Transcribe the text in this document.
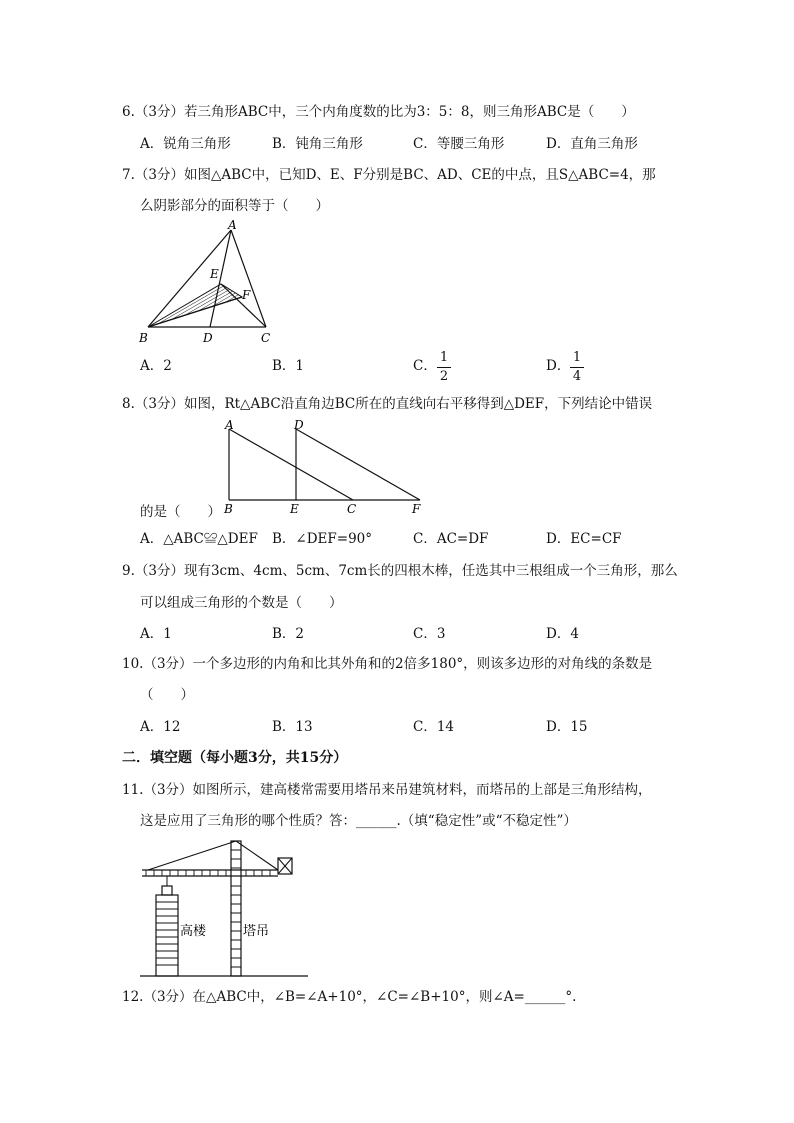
6.（3分）若三角形ABC中，三个内角度数的比为3：5：8，则三角形ABC是（　　）
A．锐角三角形	B．钝角三角形	C．等腰三角形	D．直角三角形
7.（3分）如图△ABC中，已知D、E、F分别是BC、AD、CE的中点，且S△ABC=4，那
么阴影部分的面积等于（　　）
A
E
F
B	D	C
A．2	B．1	C．
1
2
D．
1
4
8.（3分）如图，Rt△ABC沿直角边BC所在的直线向右平移得到△DEF，下列结论中错误
A	D
B	E	C	F
的是（　　）
A．△ABC≌△DEF B．∠DEF=90°	C．AC=DF	D．EC=CF
9.（3分）现有3cm、4cm、5cm、7cm长的四根木棒，任选其中三根组成一个三角形，那么
可以组成三角形的个数是（　　）
A．1	B．2	C．3	D．4
10.（3分）一个多边形的内角和比其外角和的2倍多180°，则该多边形的对角线的条数是
（　　）
A．12	B．13	C．14	D．15
二．填空题（每小题3分，共15分）
11.（3分）如图所示，建高楼常需要用塔吊来吊建筑材料，而塔吊的上部是三角形结构，
这是应用了三角形的哪个性质？答：______.（填“稳定性”或“不稳定性”）
高楼	塔吊
12.（3分）在△ABC中，∠B=∠A+10°，∠C=∠B+10°，则∠A=______°.
